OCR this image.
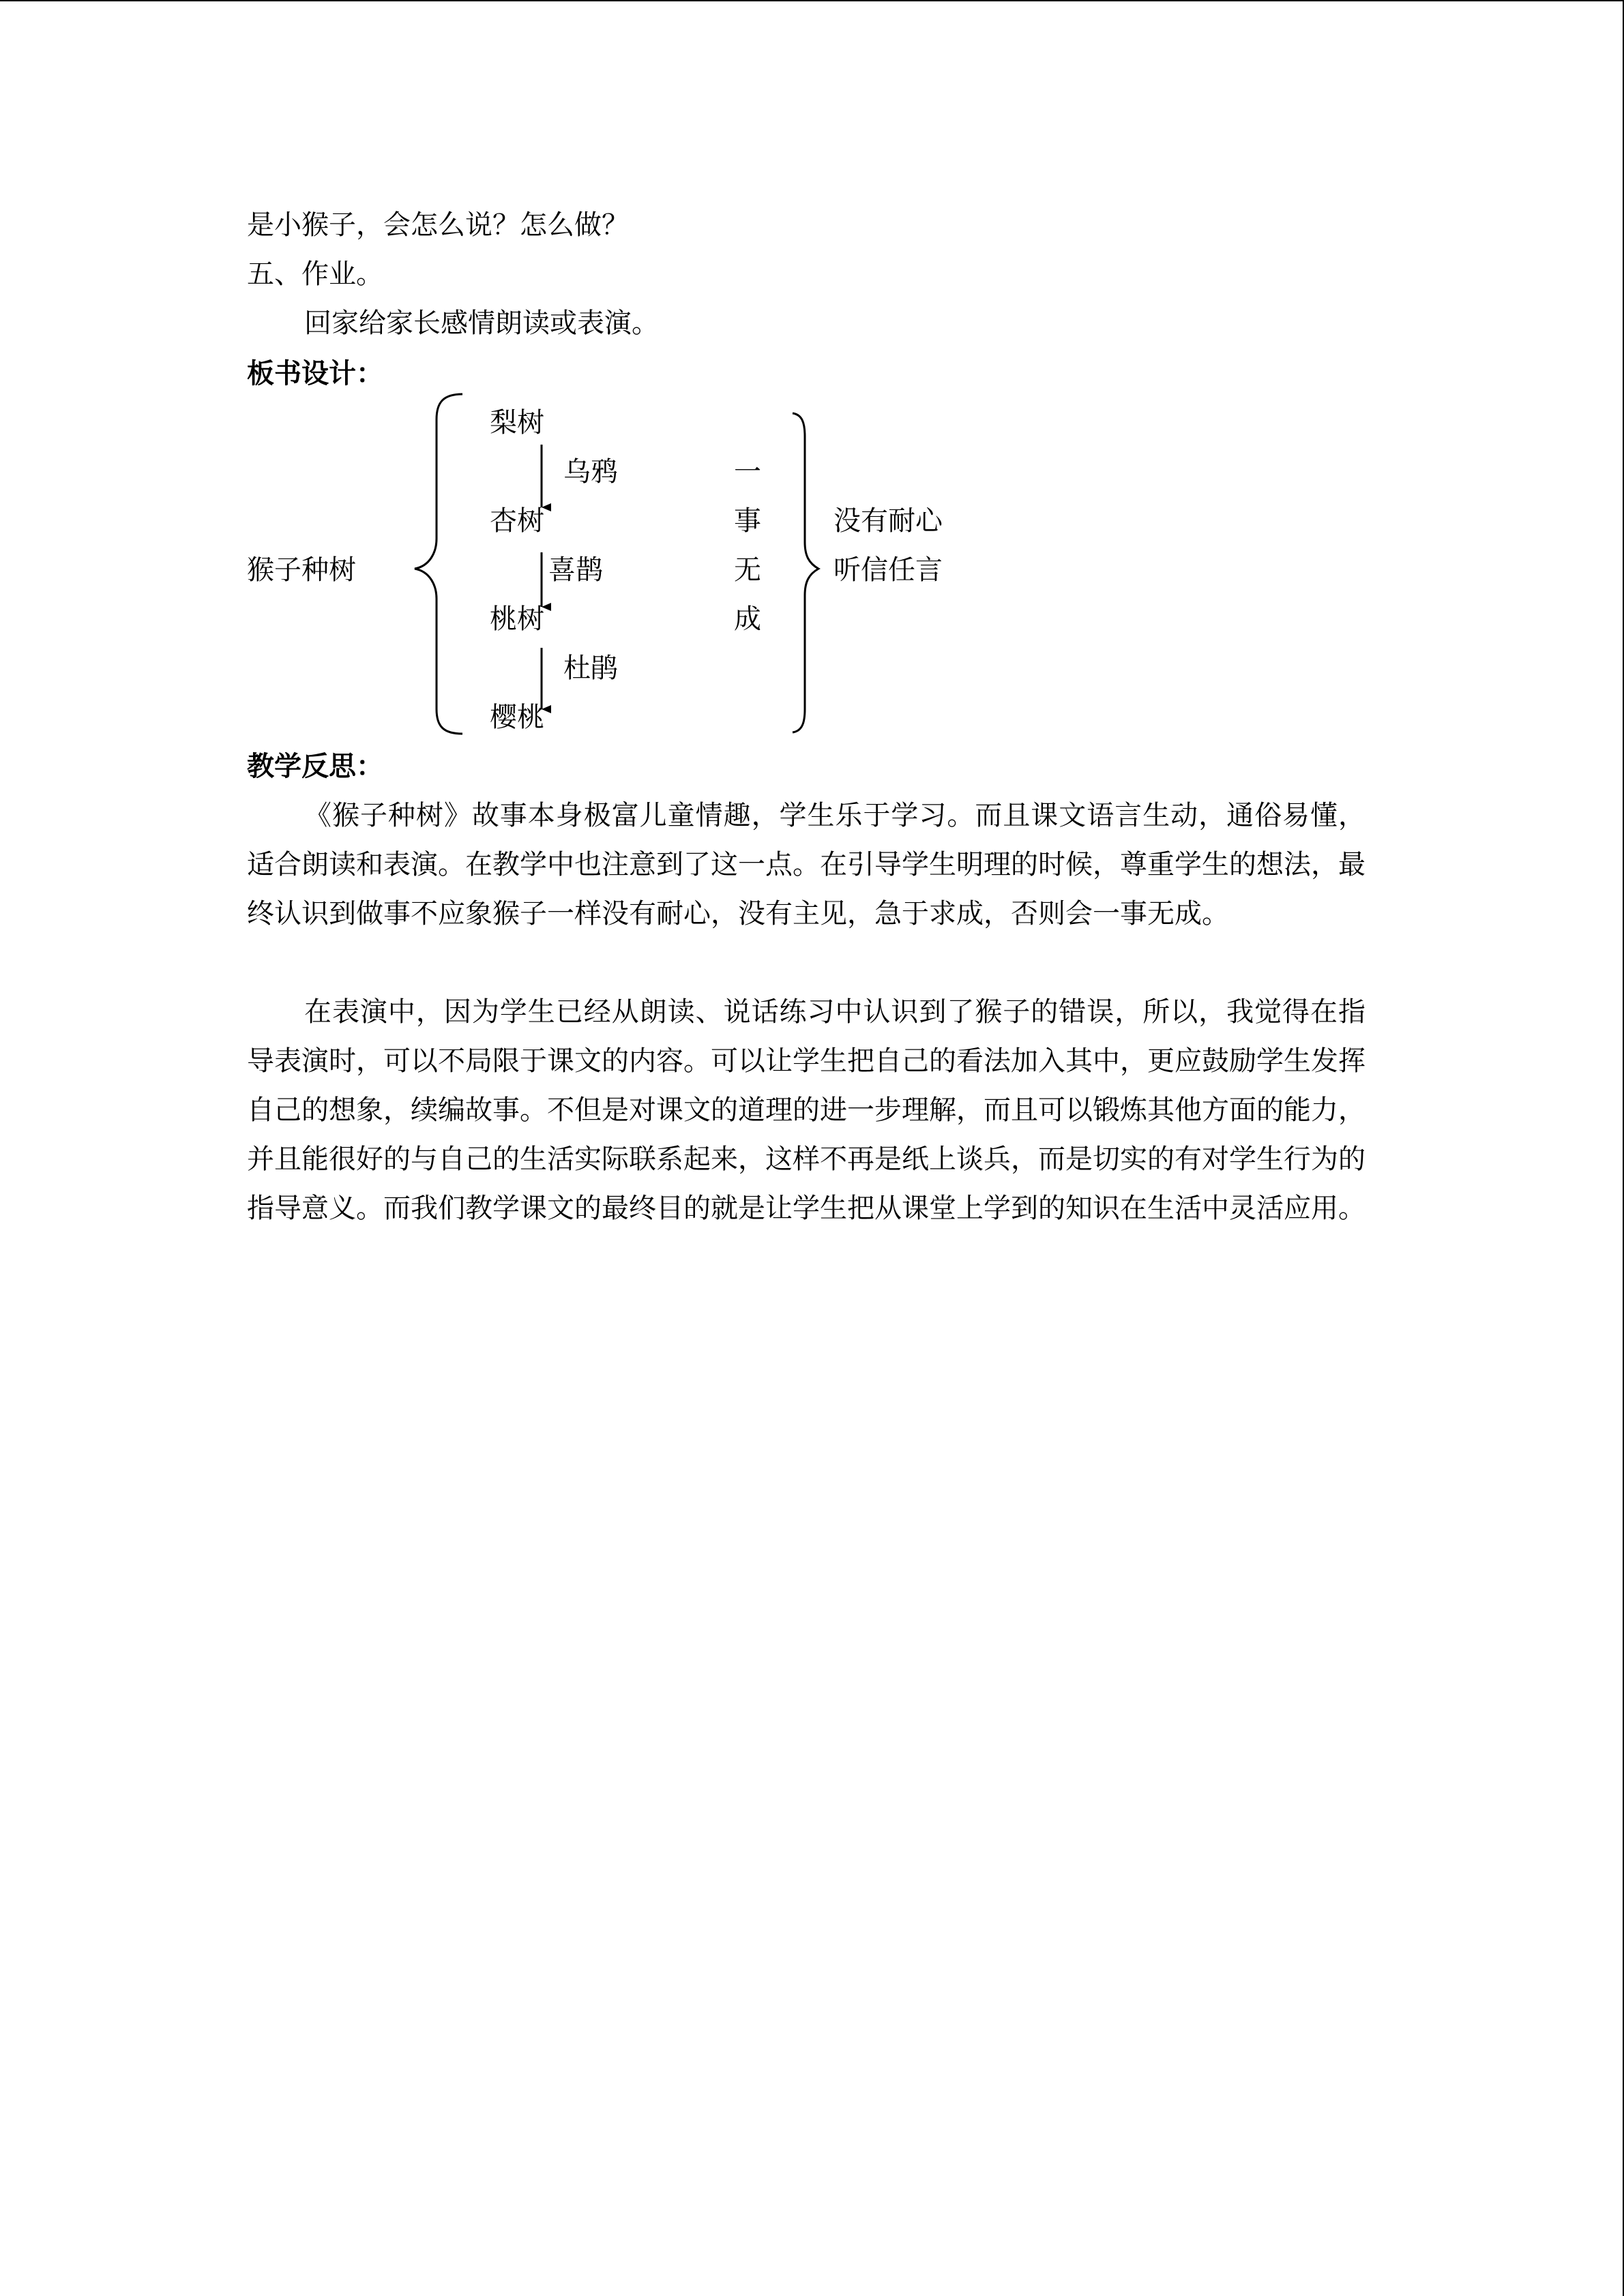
是小猴子，会怎么说？怎么做？
五、作业。
回家给家长感情朗读或表演。
板书设计：
猴子种树
梨树
杏树
桃树
樱桃
乌鸦
喜鹊
杜鹃
一
事
无
成
没有耐心
听信任言
教学反思：
《猴子种树》故事本身极富儿童情趣，学生乐于学习。而且课文语言生动，通俗易懂，适合朗读和表演。在教学中也注意到了这一点。在引导学生明理的时候，尊重学生的想法，最终认识到做事不应象猴子一样没有耐心，没有主见，急于求成，否则会一事无成。
在表演中，因为学生已经从朗读、说话练习中认识到了猴子的错误，所以，我觉得在指导表演时，可以不局限于课文的内容。可以让学生把自己的看法加入其中，更应鼓励学生发挥自己的想象，续编故事。不但是对课文的道理的进一步理解，而且可以锻炼其他方面的能力，并且能很好的与自己的生活实际联系起来，这样不再是纸上谈兵，而是切实的有对学生行为的指导意义。而我们教学课文的最终目的就是让学生把从课堂上学到的知识在生活中灵活应用。
